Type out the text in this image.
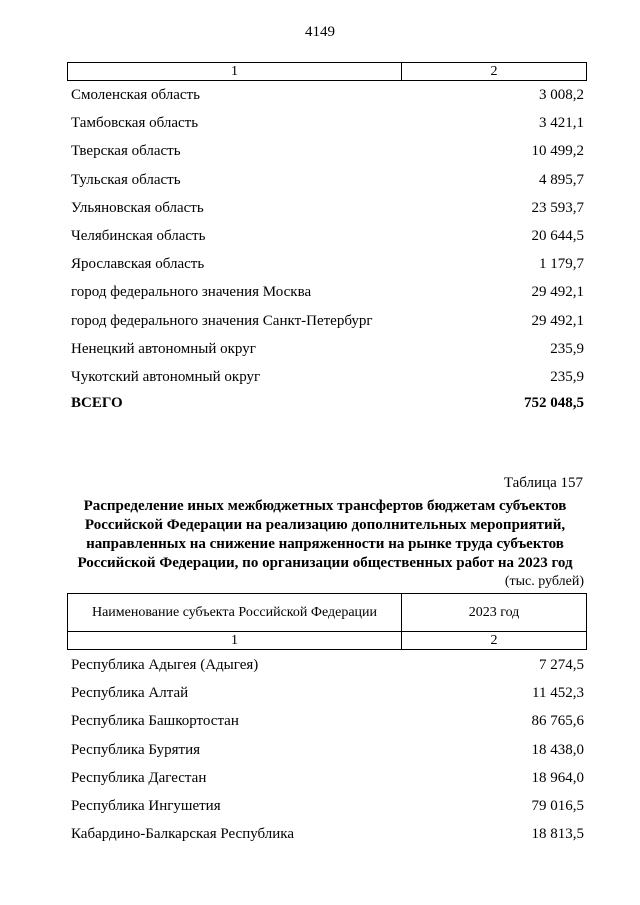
4149
1	2
Смоленская область	3 008,2
Тамбовская область	3 421,1
Тверская область	10 499,2
Тульская область	4 895,7
Ульяновская область	23 593,7
Челябинская область	20 644,5
Ярославская область	1 179,7
город федерального значения Москва	29 492,1
город федерального значения Санкт-Петербург	29 492,1
Ненецкий автономный округ	235,9
Чукотский автономный округ	235,9
ВСЕГО	752 048,5
Таблица 157
Распределение иных межбюджетных трансфертов бюджетам субъектов Российской Федерации на реализацию дополнительных мероприятий, направленных на снижение напряженности на рынке труда субъектов Российской Федерации, по организации общественных работ на 2023 год
(тыс. рублей)
Наименование субъекта Российской Федерации	2023 год
1	2
Республика Адыгея (Адыгея)	7 274,5
Республика Алтай	11 452,3
Республика Башкортостан	86 765,6
Республика Бурятия	18 438,0
Республика Дагестан	18 964,0
Республика Ингушетия	79 016,5
Кабардино-Балкарская Республика	18 813,5
